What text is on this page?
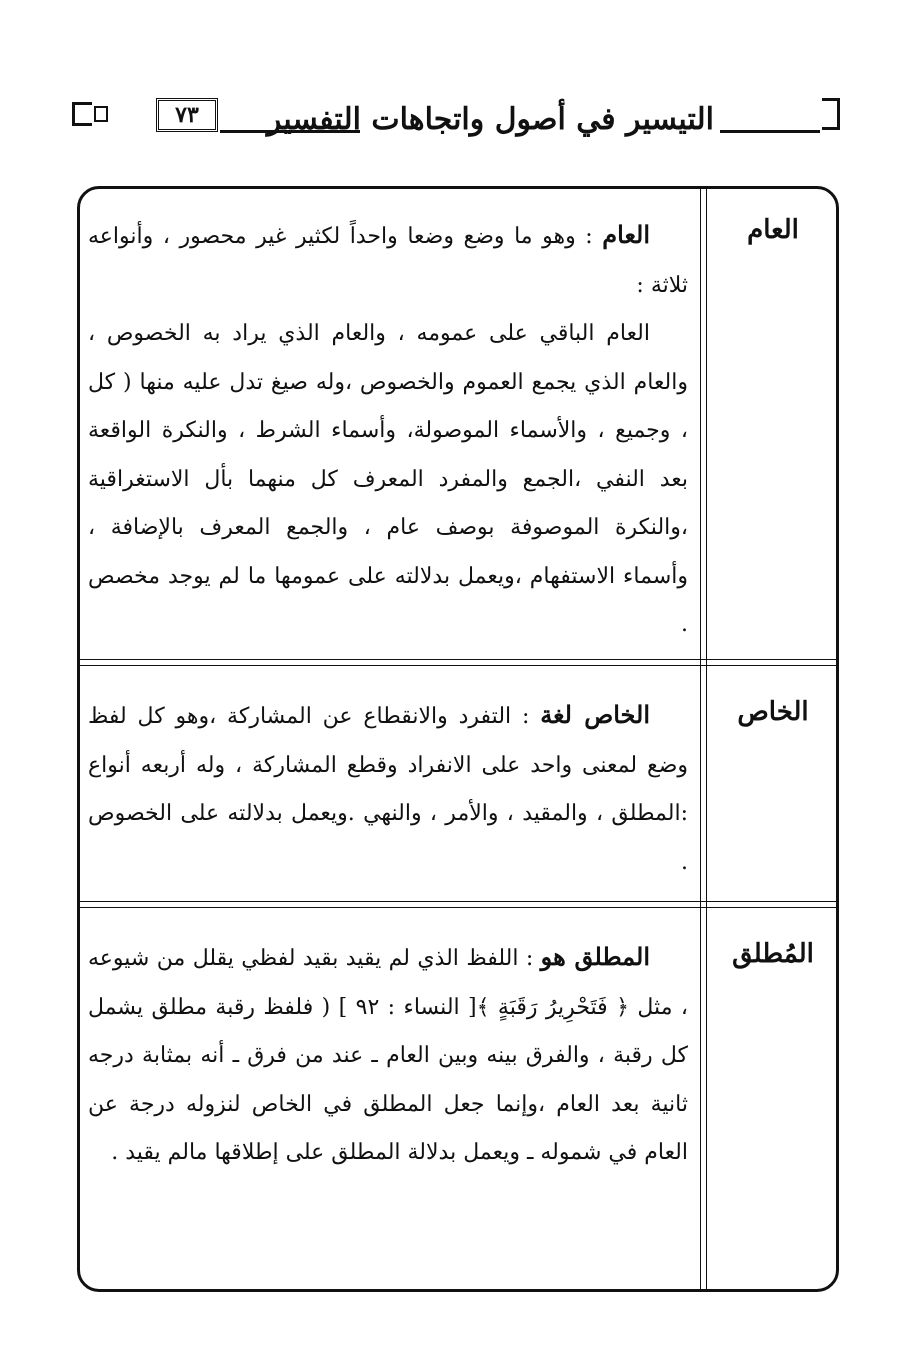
٧٣	التيسير في أصول واتجاهات التفسير
العام

العام : وهو ما وضع وضعا واحداً لكثير غير محصور ، وأنواعه ثلاثة :

العام الباقي على عمومه ، والعام الذي يراد به الخصوص ، والعام الذي يجمع العموم والخصوص ،وله صيغ تدل عليه منها ( كل ، وجميع ، والأسماء الموصولة، وأسماء الشرط ، والنكرة الواقعة بعد النفي ،الجمع والمفرد المعرف كل منهما بأل الاستغراقية ،والنكرة الموصوفة بوصف عام ، والجمع المعرف بالإضافة ، وأسماء الاستفهام ،ويعمل بدلالته على عمومها ما لم يوجد مخصص .

الخاص

الخاص لغة : التفرد والانقطاع عن المشاركة ،وهو كل لفظ وضع لمعنى واحد على الانفراد وقطع المشاركة ، وله أربعه أنواع :المطلق ، والمقيد ، والأمر ، والنهي .ويعمل بدلالته على الخصوص .

المُطلق

المطلق هو : اللفظ الذي لم يقيد بقيد لفظي يقلل من شيوعه ، مثل ﴿ فَتَحْرِيرُ رَقَبَةٍ ﴾[ النساء : ٩٢ ] ( فلفظ رقبة مطلق يشمل كل رقبة ، والفرق بينه وبين العام ـ عند من فرق ـ أنه بمثابة درجه ثانية بعد العام ،وإنما جعل المطلق في الخاص لنزوله درجة عن العام في شموله ـ ويعمل بدلالة المطلق على إطلاقها مالم يقيد .
